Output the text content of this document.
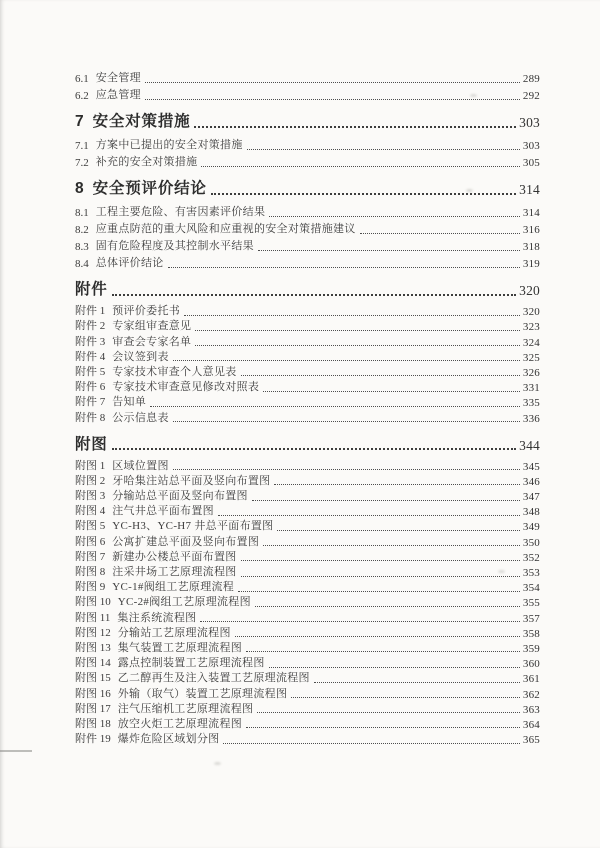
6.1 安全管理	289
6.2 应急管理	292
7 安全对策措施	303
7.1 方案中已提出的安全对策措施	303
7.2 补充的安全对策措施	305
8 安全预评价结论	314
8.1 工程主要危险、有害因素评价结果	314
8.2 应重点防范的重大风险和应重视的安全对策措施建议	316
8.3 固有危险程度及其控制水平结果	318
8.4 总体评价结论	319
附件	320
附件 1 预评价委托书	320
附件 2 专家组审查意见	323
附件 3 审查会专家名单	324
附件 4 会议签到表	325
附件 5 专家技术审查个人意见表	326
附件 6 专家技术审查意见修改对照表	331
附件 7 告知单	335
附件 8 公示信息表	336
附图	344
附图 1 区域位置图	345
附图 2 牙哈集注站总平面及竖向布置图	346
附图 3 分输站总平面及竖向布置图	347
附图 4 注气井总平面布置图	348
附图 5 YC-H3、YC-H7 井总平面布置图	349
附图 6 公寓扩建总平面及竖向布置图	350
附图 7 新建办公楼总平面布置图	352
附图 8 注采井场工艺原理流程图	353
附图 9 YC-1#阀组工艺原理流程	354
附图 10 YC-2#阀组工艺原理流程图	355
附图 11 集注系统流程图	357
附图 12 分输站工艺原理流程图	358
附图 13 集气装置工艺原理流程图	359
附图 14 露点控制装置工艺原理流程图	360
附图 15 乙二醇再生及注入装置工艺原理流程图	361
附图 16 外输（取气）装置工艺原理流程图	362
附图 17 注气压缩机工艺原理流程图	363
附图 18 放空火炬工艺原理流程图	364
附件 19 爆炸危险区域划分图	365
